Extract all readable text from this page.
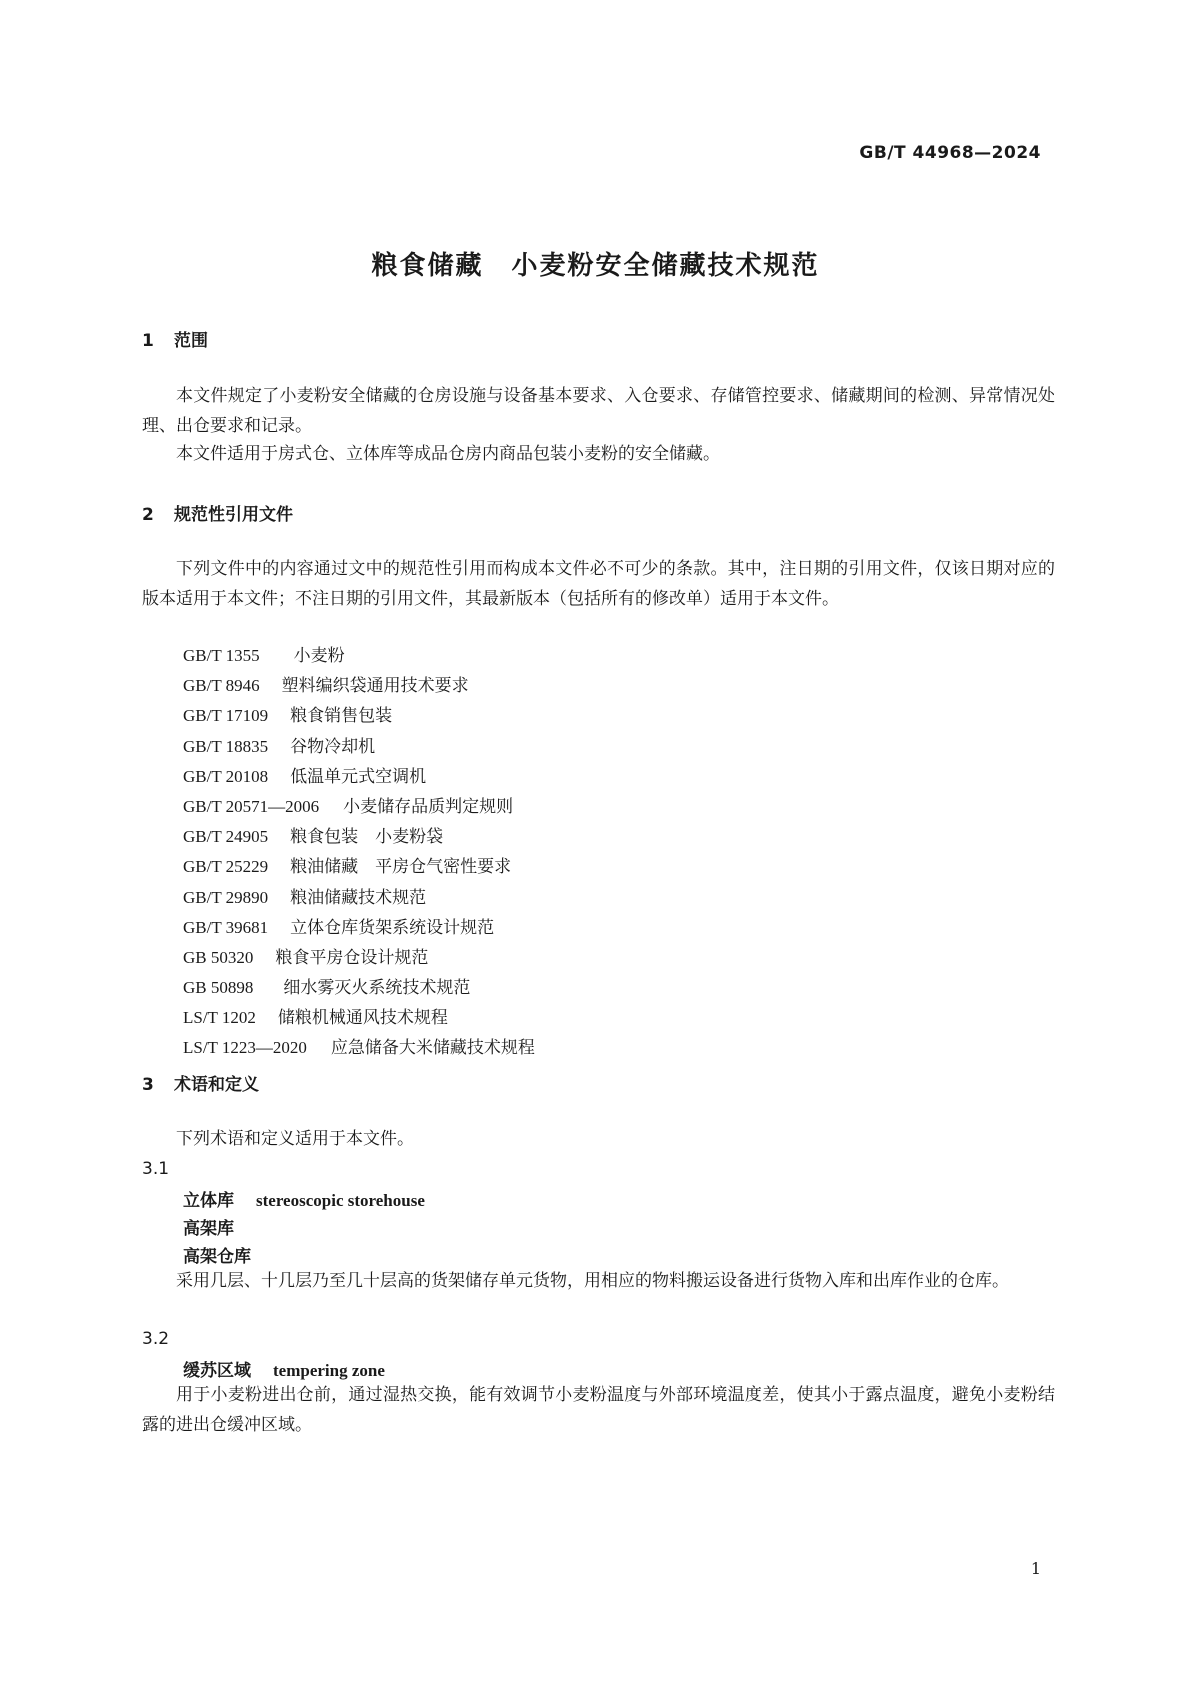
GB/T 44968—2024
粮食储藏　小麦粉安全储藏技术规范
1 范围
本文件规定了小麦粉安全储藏的仓房设施与设备基本要求、入仓要求、存储管控要求、储藏期间的检测、异常情况处理、出仓要求和记录。
本文件适用于房式仓、立体库等成品仓房内商品包装小麦粉的安全储藏。
2 规范性引用文件
下列文件中的内容通过文中的规范性引用而构成本文件必不可少的条款。其中，注日期的引用文件，仅该日期对应的版本适用于本文件；不注日期的引用文件，其最新版本（包括所有的修改单）适用于本文件。
GB/T 1355 小麦粉
GB/T 8946 塑料编织袋通用技术要求
GB/T 17109 粮食销售包装
GB/T 18835 谷物冷却机
GB/T 20108 低温单元式空调机
GB/T 20571—2006 小麦储存品质判定规则
GB/T 24905 粮食包装　小麦粉袋
GB/T 25229 粮油储藏　平房仓气密性要求
GB/T 29890 粮油储藏技术规范
GB/T 39681 立体仓库货架系统设计规范
GB 50320 粮食平房仓设计规范
GB 50898 细水雾灭火系统技术规范
LS/T 1202 储粮机械通风技术规程
LS/T 1223—2020 应急储备大米储藏技术规程
3 术语和定义
下列术语和定义适用于本文件。
3.1
立体库 stereoscopic storehouse
高架库
高架仓库
采用几层、十几层乃至几十层高的货架储存单元货物，用相应的物料搬运设备进行货物入库和出库作业的仓库。
3.2
缓苏区域 tempering zone
用于小麦粉进出仓前，通过湿热交换，能有效调节小麦粉温度与外部环境温度差，使其小于露点温度，避免小麦粉结露的进出仓缓冲区域。
1
